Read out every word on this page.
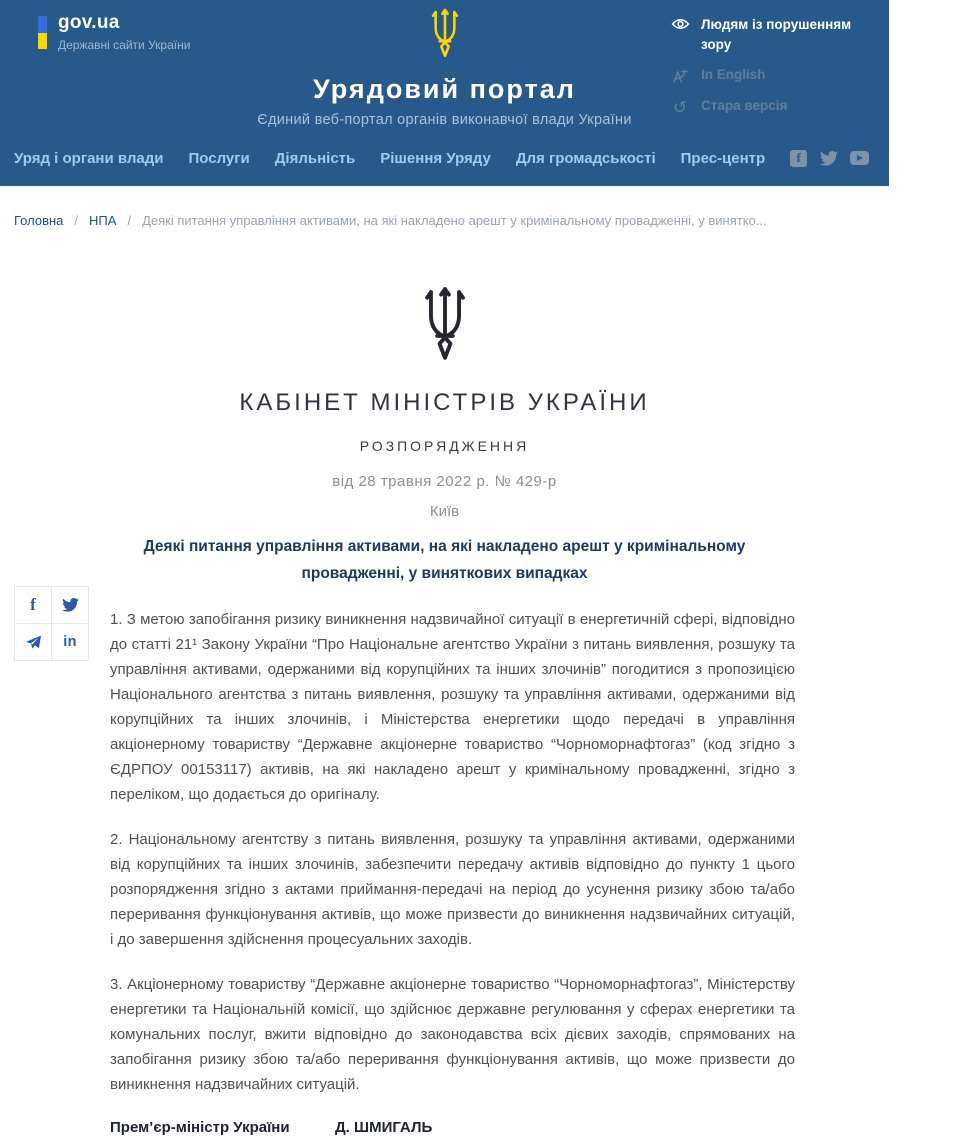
gov.ua
Державні сайти України
Людям із порушенням зору
In English
↺ Стара версія
Урядовий портал
Єдиний веб-портал органів виконавчої влади України
Уряд і органи влади Послуги Діяльність Рішення Уряду Для громадськості Прес-центр	f	Пошук
Головна / НПА / Деякі питання управління активами, на які накладено арешт у кримінальному провадженні, у винятко...
КАБІНЕТ МІНІСТРІВ УКРАЇНИ
РОЗПОРЯДЖЕННЯ
від 28 травня 2022 р. № 429-р
Київ
Деякі питання управління активами, на які накладено арешт у кримінальному провадженні, у виняткових випадках

1. З метою запобігання ризику виникнення надзвичайної ситуації в енергетичній сфері, відповідно до статті 21¹ Закону України “Про Національне агентство України з питань виявлення, розшуку та управління активами, одержаними від корупційних та інших злочинів” погодитися з пропозицією Національного агентства з питань виявлення, розшуку та управління активами, одержаними від корупційних та інших злочинів, і Міністерства енергетики щодо передачі в управління акціонерному товариству “Державне акціонерне товариство “Чорноморнафтогаз” (код згідно з ЄДРПОУ 00153117) активів, на які накладено арешт у кримінальному провадженні, згідно з переліком, що додається до оригіналу.

2. Національному агентству з питань виявлення, розшуку та управління активами, одержаними від корупційних та інших злочинів, забезпечити передачу активів відповідно до пункту 1 цього розпорядження згідно з актами приймання-передачі на період до усунення ризику збою та/або переривання функціонування активів, що може призвести до виникнення надзвичайних ситуацій, і до завершення здійснення процесуальних заходів.

3. Акціонерному товариству “Державне акціонерне товариство “Чорноморнафтогаз”, Міністерству енергетики та Національній комісії, що здійснює державне регулювання у сферах енергетики та комунальних послуг, вжити відповідно до законодавства всіх дієвих заходів, спрямованих на запобігання ризику збою та/або переривання функціонування активів, що може призвести до виникнення надзвичайних ситуацій.

Прем’єр-міністр України	Д. ШМИГАЛЬ
f
in
